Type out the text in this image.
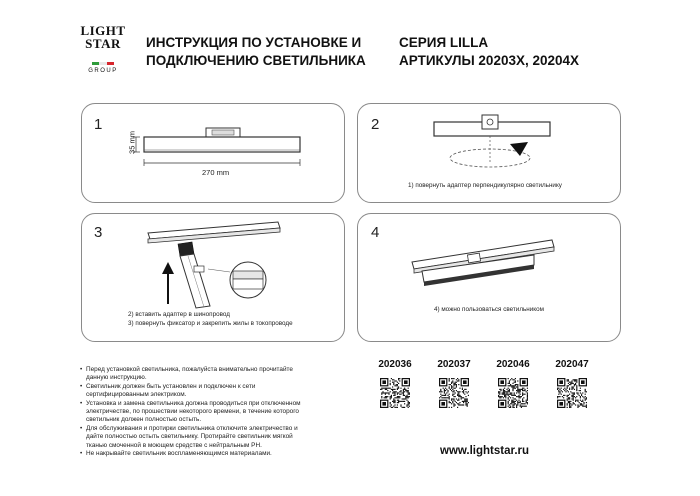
LIGHT
STAR
GROUP
ИНСТРУКЦИЯ ПО УСТАНОВКЕ И
ПОДКЛЮЧЕНИЮ СВЕТИЛЬНИКА
СЕРИЯ LILLA
АРТИКУЛЫ 20203X, 20204X
1
35 mm
270 mm
2
1) повернуть адаптер перпендикулярно светильнику
3
2) вставить адаптер в шинопровод
3) повернуть фиксатор и закрепить жилы в токопроводе
4
4) можно пользоваться светильником

• Перед установкой светильника, пожалуйста внимательно прочитайте данную инструкцию.

• Светильник должен быть установлен и подключен к сети сертифицированным электриком.

• Установка и замена светильника должна проводиться при отключенном электричестве, по прошествии некоторого времени, в течение которого светильник должен полностью остыть.

• Для обслуживания и протирки светильника отключите электричество и дайте полностью остыть светильнику. Протирайте светильник мягкой тканью смоченной в моющем средстве с нейтральным PH.

• Не накрывайте светильник воспламеняющимся материалами.

202036	202037	202046	202047
www.lightstar.ru
